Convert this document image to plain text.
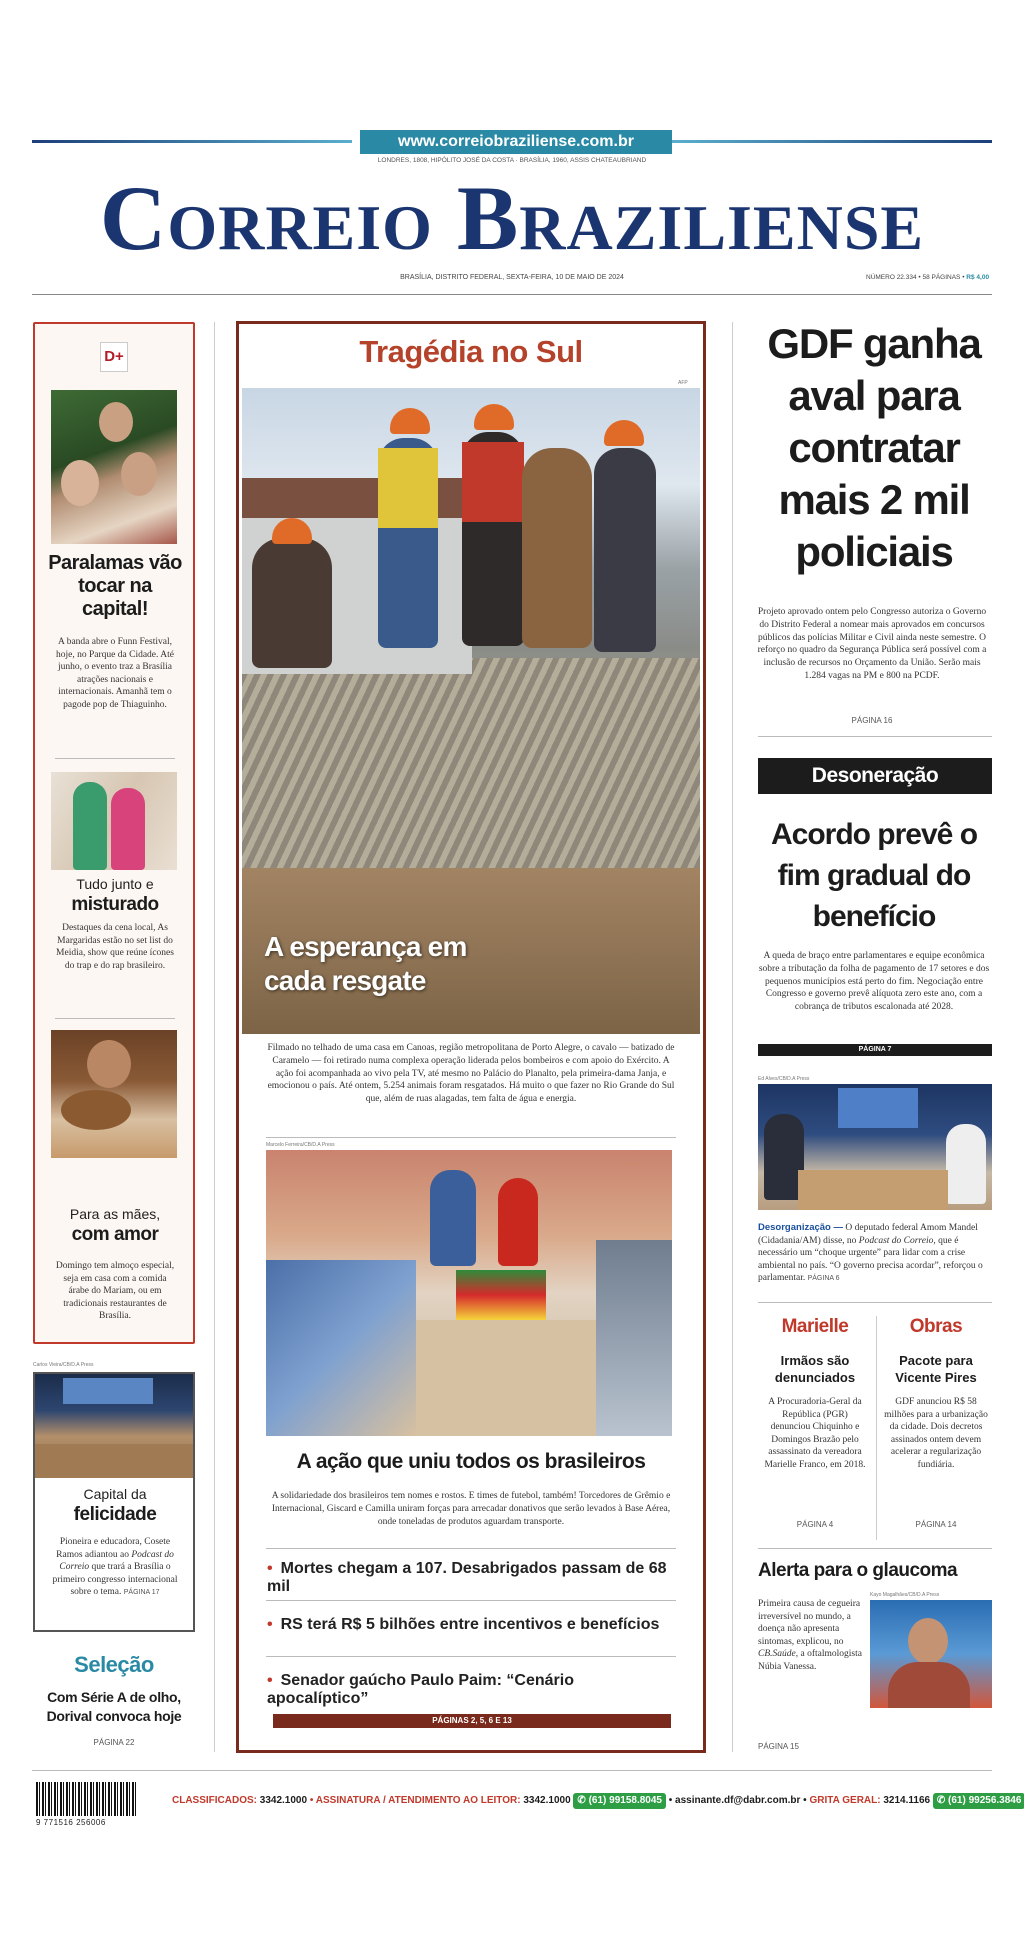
www.correiobraziliense.com.br
LONDRES, 1808, HIPÓLITO JOSÉ DA COSTA · BRASÍLIA, 1960, ASSIS CHATEAUBRIAND
Correio Braziliense
BRASÍLIA, DISTRITO FEDERAL, SEXTA-FEIRA, 10 DE MAIO DE 2024	NÚMERO 22.334 • 58 PÁGINAS • R$ 4,00
D+
Paralamas vão tocar na capital!
A banda abre o Funn Festival, hoje, no Parque da Cidade. Até junho, o evento traz a Brasília atrações nacionais e internacionais. Amanhã tem o pagode pop de Thiaguinho.
Tudo junto e
misturado
Destaques da cena local, As Margaridas estão no set list do Meidia, show que reúne ícones do trap e do rap brasileiro.
Para as mães,
com amor
Domingo tem almoço especial, seja em casa com a comida árabe do Mariam, ou em tradicionais restaurantes de Brasília.
Carlos Vieira/CB/D.A Press
Capital da
felicidade
Pioneira e educadora, Cosete Ramos adiantou ao Podcast do Correio que trará a Brasília o primeiro congresso internacional sobre o tema. PÁGINA 17
Seleção
Com Série A de olho, Dorival convoca hoje
PÁGINA 22
Tragédia no Sul
AFP
A esperança em cada resgate
Filmado no telhado de uma casa em Canoas, região metropolitana de Porto Alegre, o cavalo — batizado de Caramelo — foi retirado numa complexa operação liderada pelos bombeiros e com apoio do Exército. A ação foi acompanhada ao vivo pela TV, até mesmo no Palácio do Planalto, pela primeira-dama Janja, e emocionou o país. Até ontem, 5.254 animais foram resgatados. Há muito o que fazer no Rio Grande do Sul que, além de ruas alagadas, tem falta de água e energia.
Marcelo Ferreira/CB/D.A Press
A ação que uniu todos os brasileiros
A solidariedade dos brasileiros tem nomes e rostos. E times de futebol, também! Torcedores de Grêmio e Internacional, Giscard e Camilla uniram forças para arrecadar donativos que serão levados à Base Aérea, onde toneladas de produtos aguardam transporte.
• Mortes chegam a 107. Desabrigados passam de 68 mil
• RS terá R$ 5 bilhões entre incentivos e benefícios
• Senador gaúcho Paulo Paim: “Cenário apocalíptico”
PÁGINAS 2, 5, 6 E 13
GDF ganha aval para contratar mais 2 mil policiais
Projeto aprovado ontem pelo Congresso autoriza o Governo do Distrito Federal a nomear mais aprovados em concursos públicos das polícias Militar e Civil ainda neste semestre. O reforço no quadro da Segurança Pública será possível com a inclusão de recursos no Orçamento da União. Serão mais 1.284 vagas na PM e 800 na PCDF.
PÁGINA 16
Desoneração
Acordo prevê o fim gradual do benefício
A queda de braço entre parlamentares e equipe econômica sobre a tributação da folha de pagamento de 17 setores e dos pequenos municípios está perto do fim. Negociação entre Congresso e governo prevê alíquota zero este ano, com a cobrança de tributos escalonada até 2028.
PÁGINA 7
Ed Alves/CB/D.A Press
Desorganização — O deputado federal Amom Mandel (Cidadania/AM) disse, no Podcast do Correio, que é necessário um “choque urgente” para lidar com a crise ambiental no país. “O governo precisa acordar”, reforçou o parlamentar. PÁGINA 6
Marielle
Irmãos são denunciados
A Procuradoria-Geral da República (PGR) denunciou Chiquinho e Domingos Brazão pelo assassinato da vereadora Marielle Franco, em 2018.
PÁGINA 4
Obras
Pacote para Vicente Pires
GDF anunciou R$ 58 milhões para a urbanização da cidade. Dois decretos assinados ontem devem acelerar a regularização fundiária.
PÁGINA 14
Alerta para o glaucoma
Kayo Magalhães/CB/D.A Press
Primeira causa de cegueira irreversível no mundo, a doença não apresenta sintomas, explicou, no CB.Saúde, a oftalmologista Núbia Vanessa.
PÁGINA 15
9 771516 256006
CLASSIFICADOS: 3342.1000 • ASSINATURA / ATENDIMENTO AO LEITOR: 3342.1000 ✆ (61) 99158.8045 • assinante.df@dabr.com.br • GRITA GERAL: 3214.1166 ✆ (61) 99256.3846
